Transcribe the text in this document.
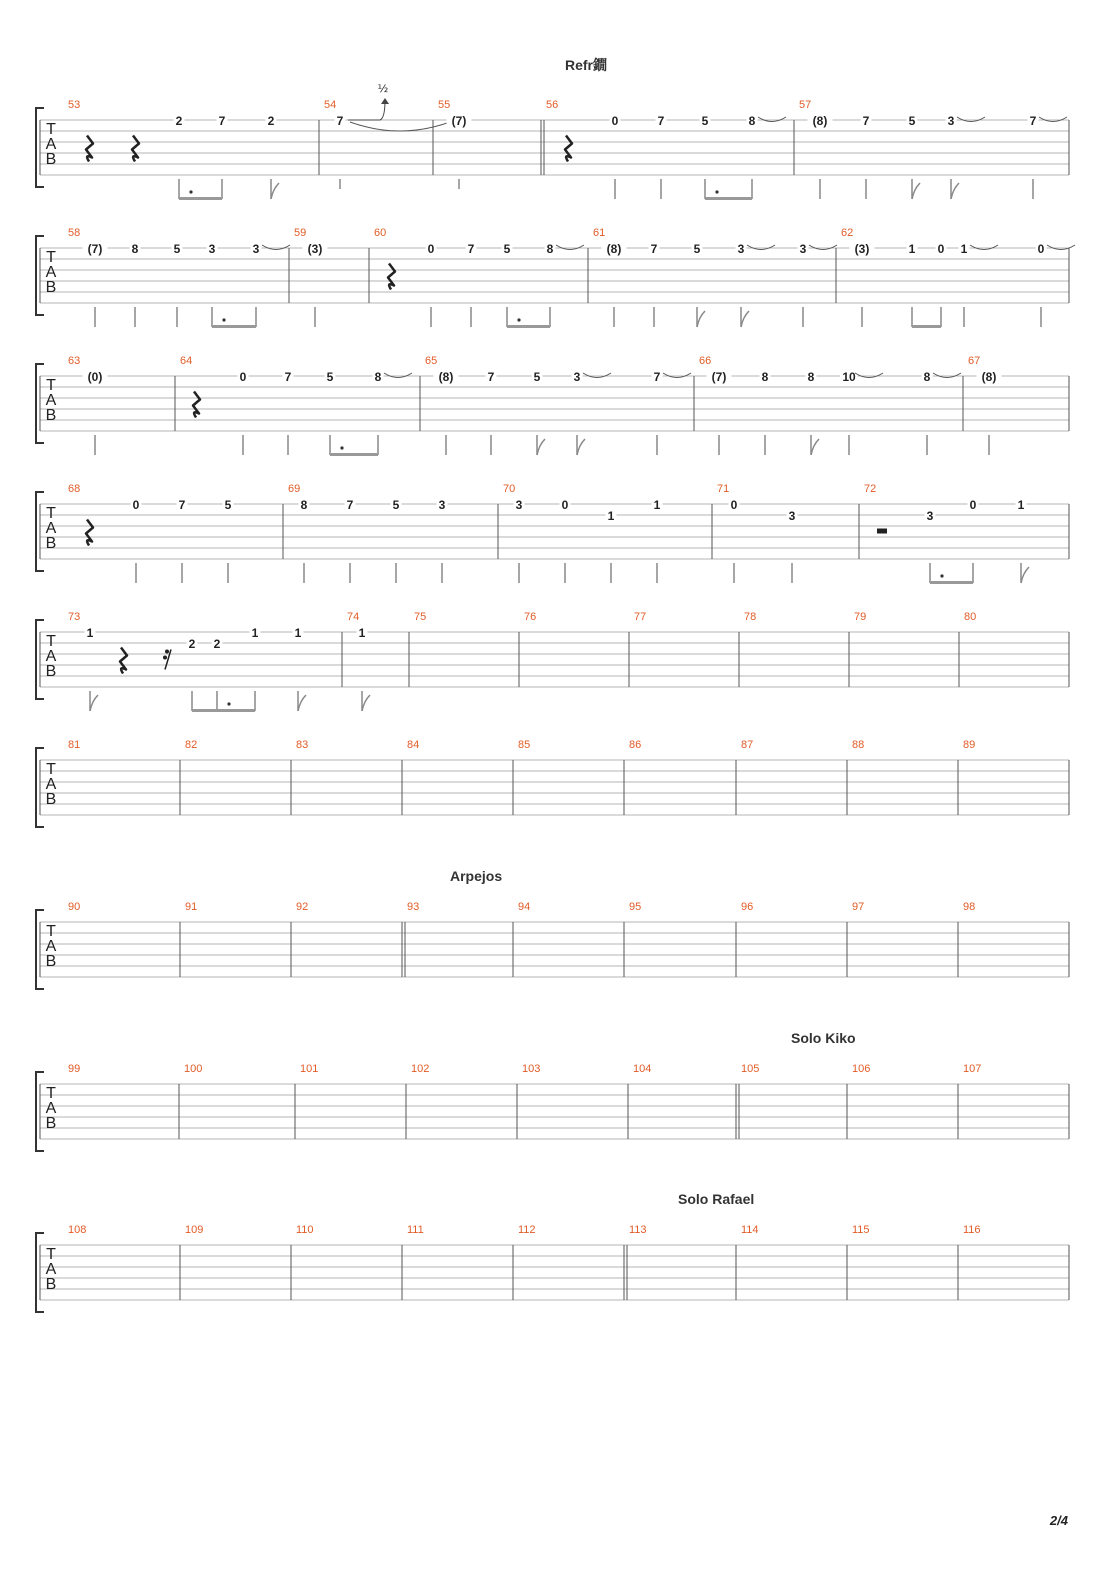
Refr鐗
Arpejos
Solo Kiko
Solo Rafael
T
A
B
53
2	7	2
54
7
½
55
(7)
56
0	7	5	8
57
(8)	7	5	3	7
T
A
B
58
(7) 8	5 3	3
59
(3)
60
0	7 5	8
61
(8) 7	5	3	3
62
(3)	1 0 1	0
T
A
B
63
(0)
64
0	7	5	8
65
(8)	7	5	3	7
66
(7)	8	8 10	8
67
(8)
T
A
B
68
0	7	5
69
8	7	5	3
70
3	0
1
1
71
0
3
72
3
0	1
T
A
B
73
1
2 2
1	1
74
1
75	76	77	78	79	80
T
A
B
81	82	83	84	85	86	87	88	89
T
A
B
90	91	92	93	94	95	96	97	98
T
A
B
99	100	101	102	103	104	105	106	107
T
A
B
108	109	110	111	112	113	114	115	116
2/4
